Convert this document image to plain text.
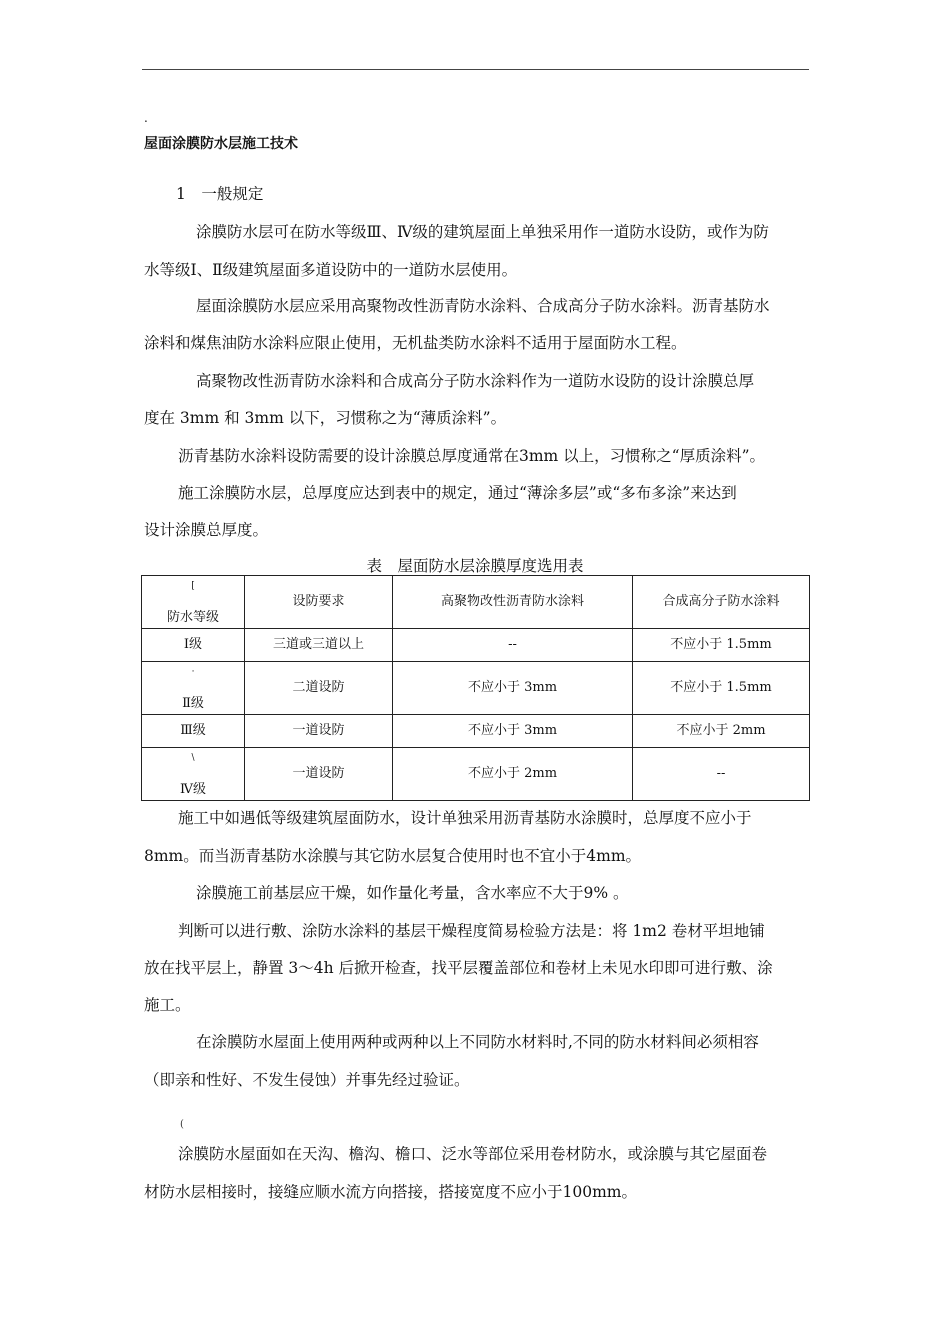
.
屋面涂膜防水层施工技术
1　一般规定
涂膜防水层可在防水等级Ⅲ、Ⅳ级的建筑屋面上单独采用作一道防水设防，或作为防
水等级Ⅰ、Ⅱ级建筑屋面多道设防中的一道防水层使用。
屋面涂膜防水层应采用高聚物改性沥青防水涂料、合成高分子防水涂料。沥青基防水
涂料和煤焦油防水涂料应限止使用，无机盐类防水涂料不适用于屋面防水工程。
高聚物改性沥青防水涂料和合成高分子防水涂料作为一道防水设防的设计涂膜总厚
度在 3mm 和 3mm 以下，习惯称之为“薄质涂料”。
沥青基防水涂料设防需要的设计涂膜总厚度通常在3mm 以上，习惯称之“厚质涂料”。
施工涂膜防水层，总厚度应达到表中的规定，通过“薄涂多层”或“多布多涂”来达到
设计涂膜总厚度。
表　屋面防水层涂膜厚度选用表
[
防水等级	设防要求	高聚物改性沥青防水涂料	合成高分子防水涂料
Ⅰ级	三道或三道以上	--	不应小于 1.5mm

·
Ⅱ级	二道设防	不应小于 3mm	不应小于 1.5mm
Ⅲ级	一道设防	不应小于 3mm	不应小于 2mm

\
Ⅳ级	一道设防	不应小于 2mm	--
施工中如遇低等级建筑屋面防水，设计单独采用沥青基防水涂膜时，总厚度不应小于
8mm。而当沥青基防水涂膜与其它防水层复合使用时也不宜小于4mm。
涂膜施工前基层应干燥，如作量化考量，含水率应不大于9% 。
判断可以进行敷、涂防水涂料的基层干燥程度简易检验方法是：将 1m2 卷材平坦地铺
放在找平层上，静置 3～4h 后掀开检查，找平层覆盖部位和卷材上未见水印即可进行敷、涂
施工。
在涂膜防水屋面上使用两种或两种以上不同防水材料时,不同的防水材料间必须相容
（即亲和性好、不发生侵蚀）并事先经过验证。
(
涂膜防水屋面如在天沟、檐沟、檐口、泛水等部位采用卷材防水，或涂膜与其它屋面卷
材防水层相接时，接缝应顺水流方向搭接，搭接宽度不应小于100mm。
